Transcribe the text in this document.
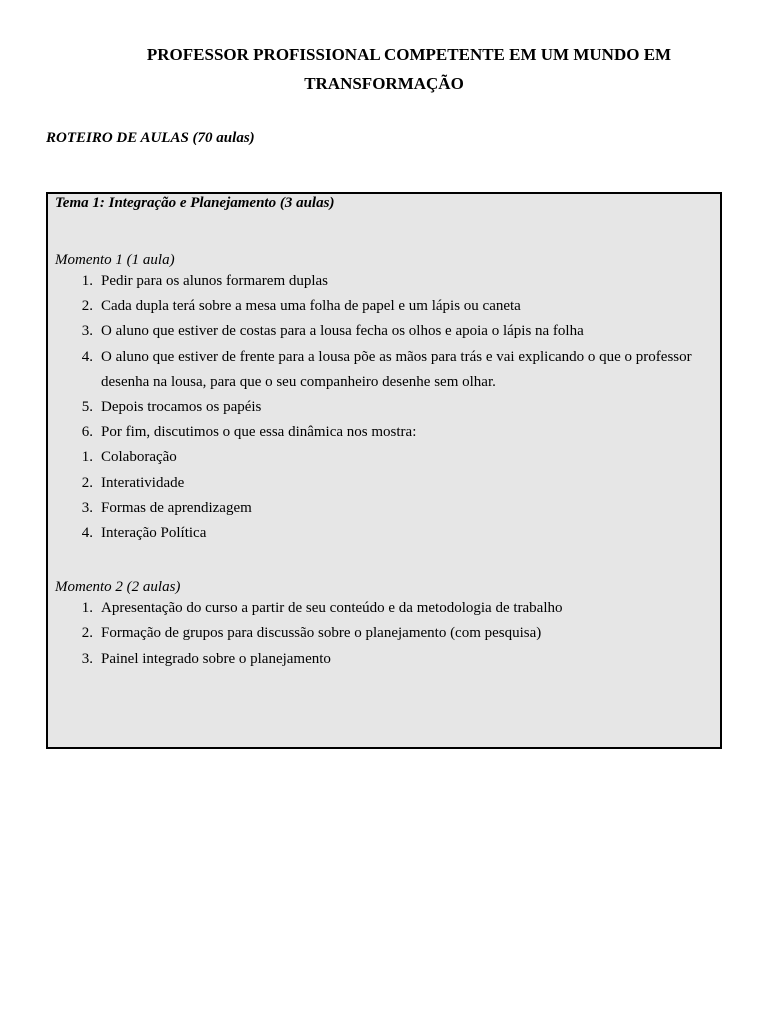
PROFESSOR PROFISSIONAL COMPETENTE EM UM MUNDO EM
TRANSFORMAÇÃO
ROTEIRO DE AULAS (70 aulas)
Tema 1: Integração e Planejamento (3 aulas)
Momento 1 (1 aula)
1. Pedir para os alunos formarem duplas
2. Cada dupla terá sobre a mesa uma folha de papel e um lápis ou caneta
3. O aluno que estiver de costas para a lousa fecha os olhos e apoia o lápis na folha
4. O aluno que estiver de frente para a lousa põe as mãos para trás e vai explicando o que o professor desenha na lousa, para que o seu companheiro desenhe sem olhar.
5. Depois trocamos os papéis
6. Por fim, discutimos o que essa dinâmica nos mostra:
1. Colaboração
2. Interatividade
3. Formas de aprendizagem
4. Interação Política
Momento 2 (2 aulas)
1. Apresentação do curso a partir de seu conteúdo e da metodologia de trabalho
2. Formação de grupos para discussão sobre o planejamento (com pesquisa)
3. Painel integrado sobre o planejamento
